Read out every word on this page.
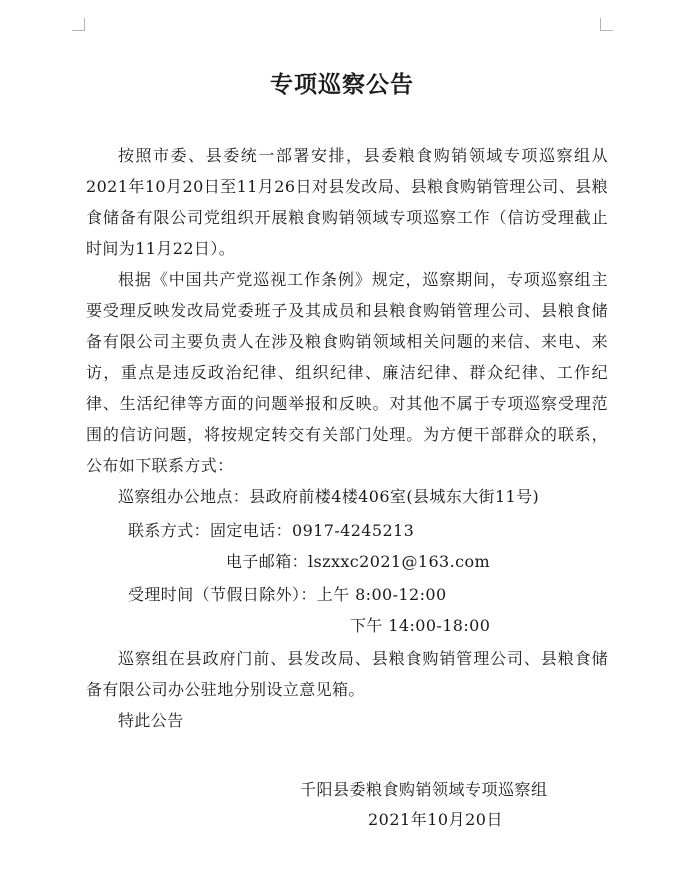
专项巡察公告

按照市委、县委统一部署安排，县委粮食购销领域专项巡察组从2021年10月20日至11月26日对县发改局、县粮食购销管理公司、县粮食储备有限公司党组织开展粮食购销领域专项巡察工作（信访受理截止时间为11月22日）。

根据《中国共产党巡视工作条例》规定，巡察期间，专项巡察组主要受理反映发改局党委班子及其成员和县粮食购销管理公司、县粮食储备有限公司主要负责人在涉及粮食购销领域相关问题的来信、来电、来访，重点是违反政治纪律、组织纪律、廉洁纪律、群众纪律、工作纪律、生活纪律等方面的问题举报和反映。对其他不属于专项巡察受理范围的信访问题，将按规定转交有关部门处理。为方便干部群众的联系，公布如下联系方式：

巡察组办公地点：县政府前楼4楼406室(县城东大街11号)

联系方式：固定电话：0917-4245213

电子邮箱：lszxxc2021@163.com

受理时间（节假日除外）：上午 8:00-12:00

下午 14:00-18:00

巡察组在县政府门前、县发改局、县粮食购销管理公司、县粮食储备有限公司办公驻地分别设立意见箱。

特此公告

千阳县委粮食购销领域专项巡察组
2021年10月20日
